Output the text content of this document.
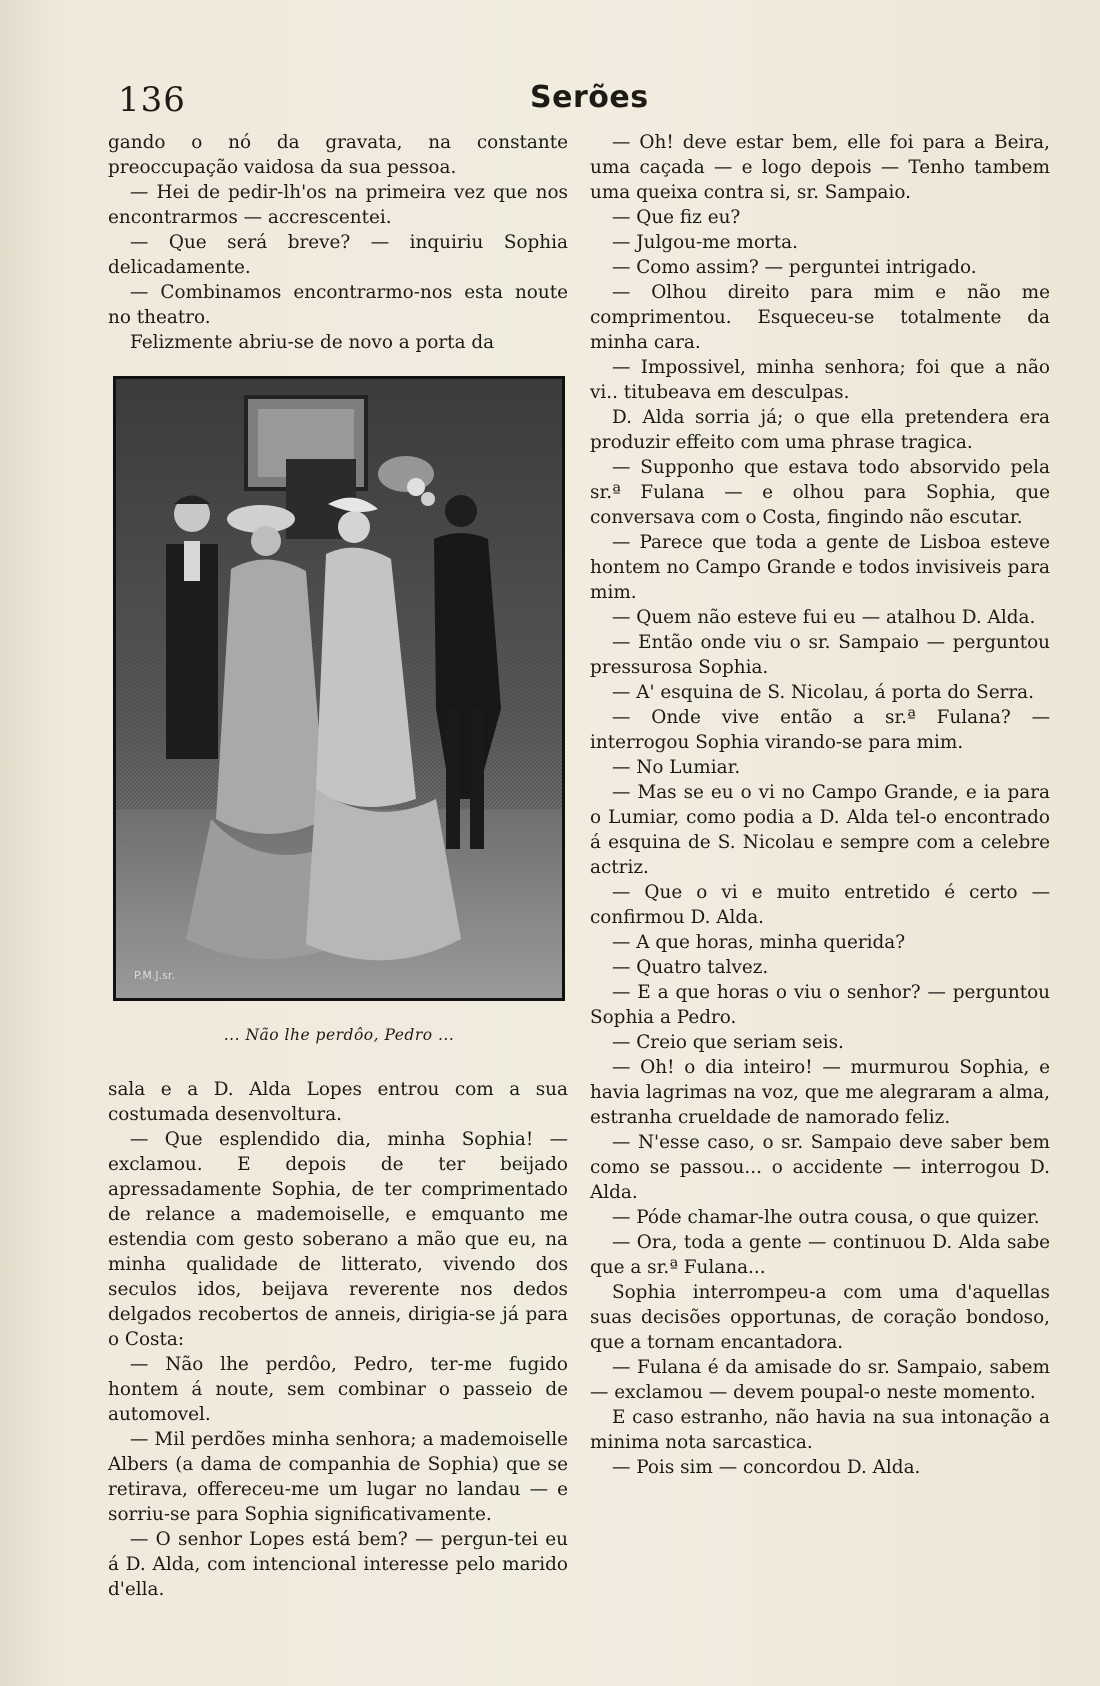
136	Serões

gando o nó da gravata, na constante preoccupação vaidosa da sua pessoa.

— Hei de pedir-lh'os na primeira vez que nos encontrarmos — accrescentei.

— Que será breve? — inquiriu Sophia delicadamente.

— Combinamos encontrarmo-nos esta noute no theatro.

Felizmente abriu-se de novo a porta da

P.M.J.sr.
... Não lhe perdôo, Pedro ...

sala e a D. Alda Lopes entrou com a sua costumada desenvoltura.

— Que esplendido dia, minha Sophia! — exclamou. E depois de ter beijado apressadamente Sophia, de ter comprimentado de relance a mademoiselle, e emquanto me estendia com gesto soberano a mão que eu, na minha qualidade de litterato, vivendo dos seculos idos, beijava reverente nos dedos delgados recobertos de anneis, dirigia-se já para o Costa:

— Não lhe perdôo, Pedro, ter-me fugido hontem á noute, sem combinar o passeio de automovel.

— Mil perdões minha senhora; a mademoiselle Albers (a dama de companhia de Sophia) que se retirava, offereceu-me um lugar no landau — e sorriu-se para Sophia significativamente.

— O senhor Lopes está bem? — pergun-tei eu á D. Alda, com intencional interesse pelo marido d'ella.

— Oh! deve estar bem, elle foi para a Beira, uma caçada — e logo depois — Tenho tambem uma queixa contra si, sr. Sampaio.

— Que fiz eu?

— Julgou-me morta.

— Como assim? — perguntei intrigado.

— Olhou direito para mim e não me comprimentou. Esqueceu-se totalmente da minha cara.

— Impossivel, minha senhora; foi que a não vi.. titubeava em desculpas.

D. Alda sorria já; o que ella pretendera era produzir effeito com uma phrase tragica.

— Supponho que estava todo absorvido pela sr.ª Fulana — e olhou para Sophia, que conversava com o Costa, fingindo não escutar.

— Parece que toda a gente de Lisboa esteve hontem no Campo Grande e todos invisiveis para mim.

— Quem não esteve fui eu — atalhou D. Alda.

— Então onde viu o sr. Sampaio — perguntou pressurosa Sophia.

— A' esquina de S. Nicolau, á porta do Serra.

— Onde vive então a sr.ª Fulana? — interrogou Sophia virando-se para mim.

— No Lumiar.

— Mas se eu o vi no Campo Grande, e ia para o Lumiar, como podia a D. Alda tel-o encontrado á esquina de S. Nicolau e sempre com a celebre actriz.

— Que o vi e muito entretido é certo — confirmou D. Alda.

— A que horas, minha querida?

— Quatro talvez.

— E a que horas o viu o senhor? — perguntou Sophia a Pedro.

— Creio que seriam seis.

— Oh! o dia inteiro! — murmurou Sophia, e havia lagrimas na voz, que me alegraram a alma, estranha crueldade de namorado feliz.

— N'esse caso, o sr. Sampaio deve saber bem como se passou... o accidente — interrogou D. Alda.

— Póde chamar-lhe outra cousa, o que quizer.

— Ora, toda a gente — continuou D. Alda sabe que a sr.ª Fulana...

Sophia interrompeu-a com uma d'aquellas suas decisões opportunas, de coração bondoso, que a tornam encantadora.

— Fulana é da amisade do sr. Sampaio, sabem — exclamou — devem poupal-o neste momento.

E caso estranho, não havia na sua intonação a minima nota sarcastica.

— Pois sim — concordou D. Alda.
